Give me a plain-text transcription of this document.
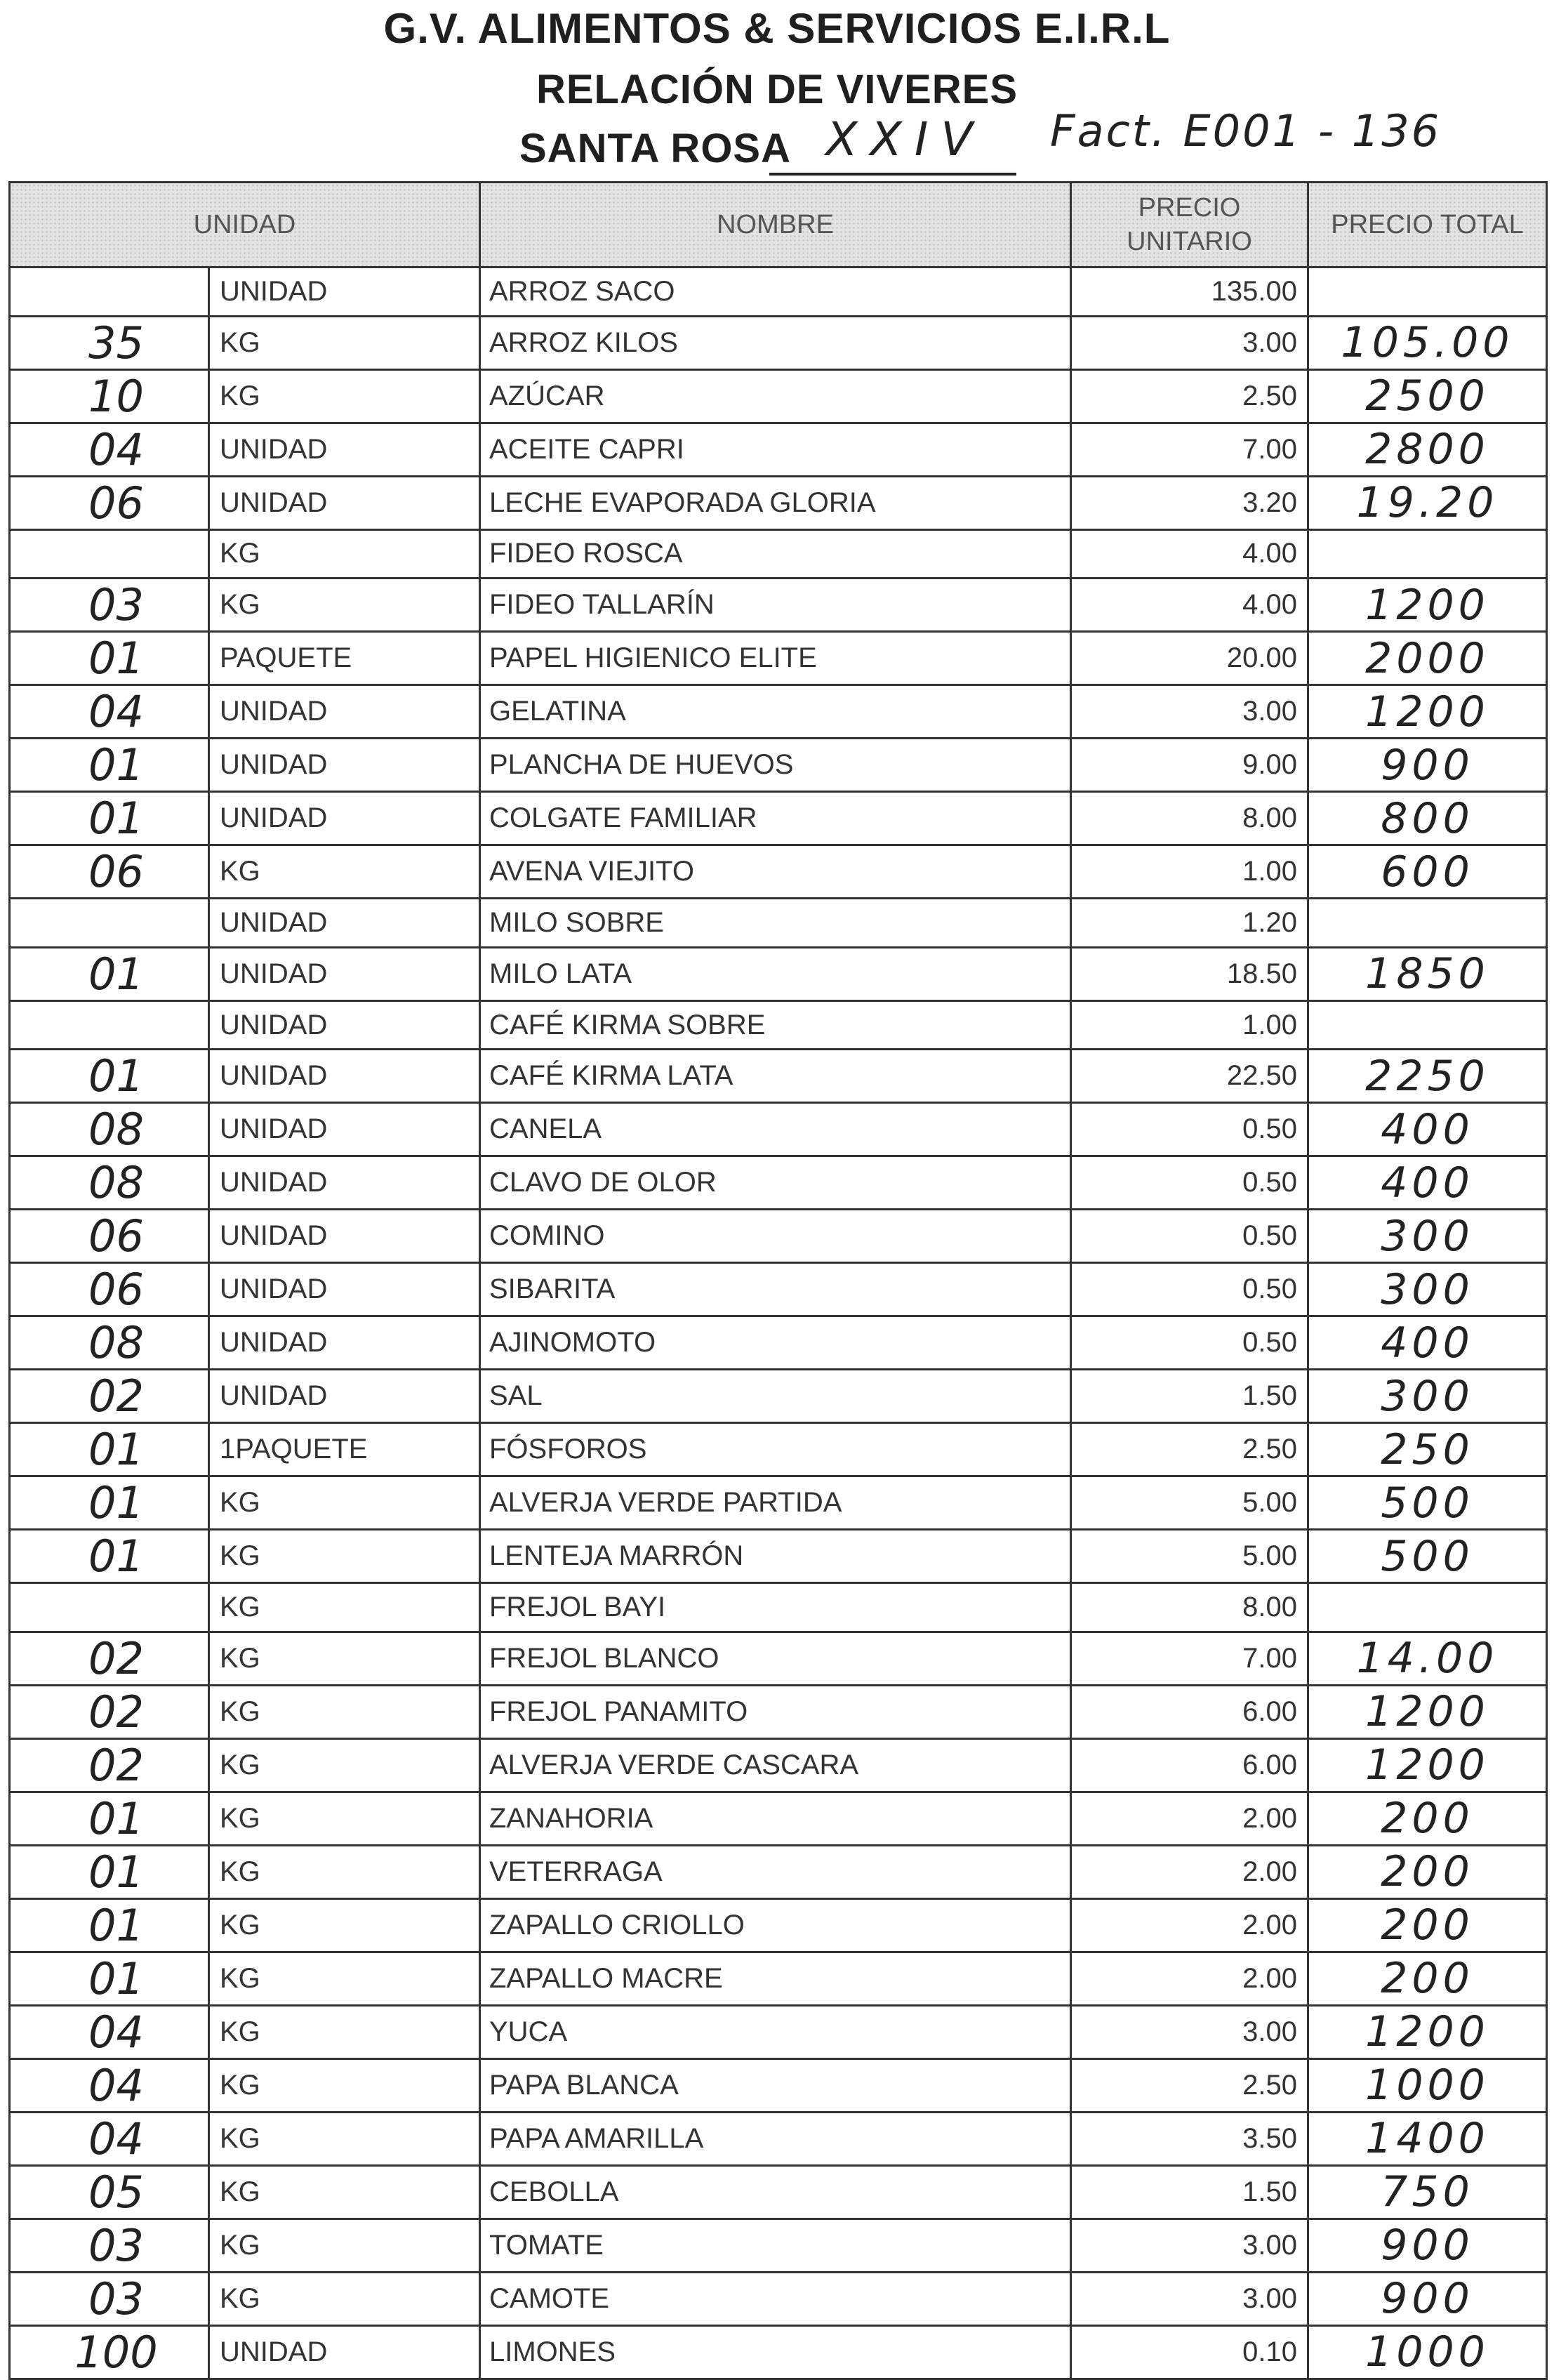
G.V. ALIMENTOS & SERVICIOS E.I.R.L
RELACIÓN DE VIVERES
SANTA ROSA XXIV	Fact. E001 - 136
UNIDAD		NOMBRE	PRECIO UNITARIO	PRECIO TOTAL
	UNIDAD	ARROZ SACO	135.00	
35	KG	ARROZ KILOS	3.00	105.00
10	KG	AZÚCAR	2.50	2500
04	UNIDAD	ACEITE CAPRI	7.00	2800
06	UNIDAD	LECHE EVAPORADA GLORIA	3.20	19.20
	KG	FIDEO ROSCA	4.00	
03	KG	FIDEO TALLARÍN	4.00	1200
01	PAQUETE	PAPEL HIGIENICO ELITE	20.00	2000
04	UNIDAD	GELATINA	3.00	1200
01	UNIDAD	PLANCHA DE HUEVOS	9.00	900
01	UNIDAD	COLGATE FAMILIAR	8.00	800
06	KG	AVENA VIEJITO	1.00	600
	UNIDAD	MILO SOBRE	1.20	
01	UNIDAD	MILO LATA	18.50	1850
	UNIDAD	CAFÉ KIRMA SOBRE	1.00	
01	UNIDAD	CAFÉ KIRMA LATA	22.50	2250
08	UNIDAD	CANELA	0.50	400
08	UNIDAD	CLAVO DE OLOR	0.50	400
06	UNIDAD	COMINO	0.50	300
06	UNIDAD	SIBARITA	0.50	300
08	UNIDAD	AJINOMOTO	0.50	400
02	UNIDAD	SAL	1.50	300
01	1PAQUETE	FÓSFOROS	2.50	250
01	KG	ALVERJA VERDE PARTIDA	5.00	500
01	KG	LENTEJA MARRÓN	5.00	500
	KG	FREJOL BAYI	8.00	
02	KG	FREJOL BLANCO	7.00	14.00
02	KG	FREJOL PANAMITO	6.00	1200
02	KG	ALVERJA VERDE CASCARA	6.00	1200
01	KG	ZANAHORIA	2.00	200
01	KG	VETERRAGA	2.00	200
01	KG	ZAPALLO CRIOLLO	2.00	200
01	KG	ZAPALLO MACRE	2.00	200
04	KG	YUCA	3.00	1200
04	KG	PAPA BLANCA	2.50	1000
04	KG	PAPA AMARILLA	3.50	1400
05	KG	CEBOLLA	1.50	750
03	KG	TOMATE	3.00	900
03	KG	CAMOTE	3.00	900
100	UNIDAD	LIMONES	0.10	1000
